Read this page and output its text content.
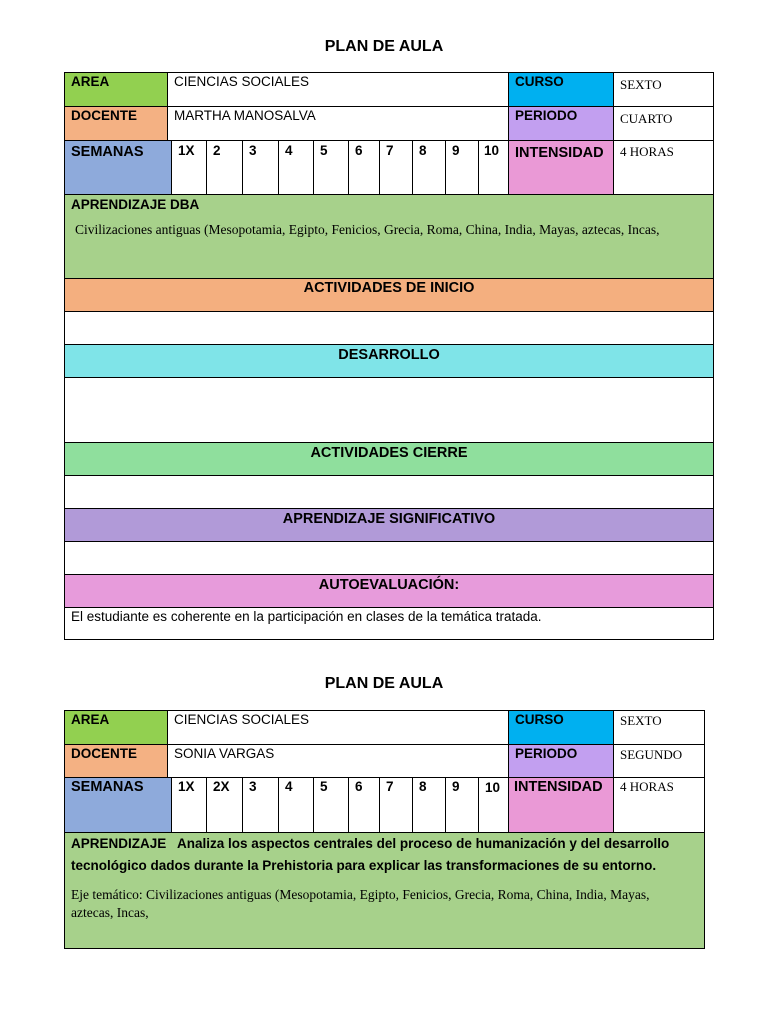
PLAN DE AULA
AREA	CIENCIAS SOCIALES	CURSO	SEXTO
DOCENTE	MARTHA MANOSALVA	PERIODO	CUARTO
SEMANAS	1X	2	3	4	5	6	7	8	9	10	INTENSIDAD	4 HORAS
APRENDIZAJE DBA
Civilizaciones antiguas (Mesopotamia, Egipto, Fenicios, Grecia, Roma, China, India, Mayas, aztecas, Incas,
ACTIVIDADES DE INICIO
DESARROLLO
ACTIVIDADES CIERRE
APRENDIZAJE SIGNIFICATIVO
AUTOEVALUACIÓN:
El estudiante es coherente en la participación en clases de la temática tratada.
PLAN DE AULA
AREA	CIENCIAS SOCIALES	CURSO	SEXTO
DOCENTE	SONIA VARGAS	PERIODO	SEGUNDO
SEMANAS	1X	2X	3	4	5	6	7	8	9	10 INTENSIDAD	4 HORAS
APRENDIZAJE Analiza los aspectos centrales del proceso de humanización y del desarrollo tecnológico dados durante la Prehistoria para explicar las transformaciones de su entorno.
Eje temático: Civilizaciones antiguas (Mesopotamia, Egipto, Fenicios, Grecia, Roma, China, India, Mayas, aztecas, Incas,
